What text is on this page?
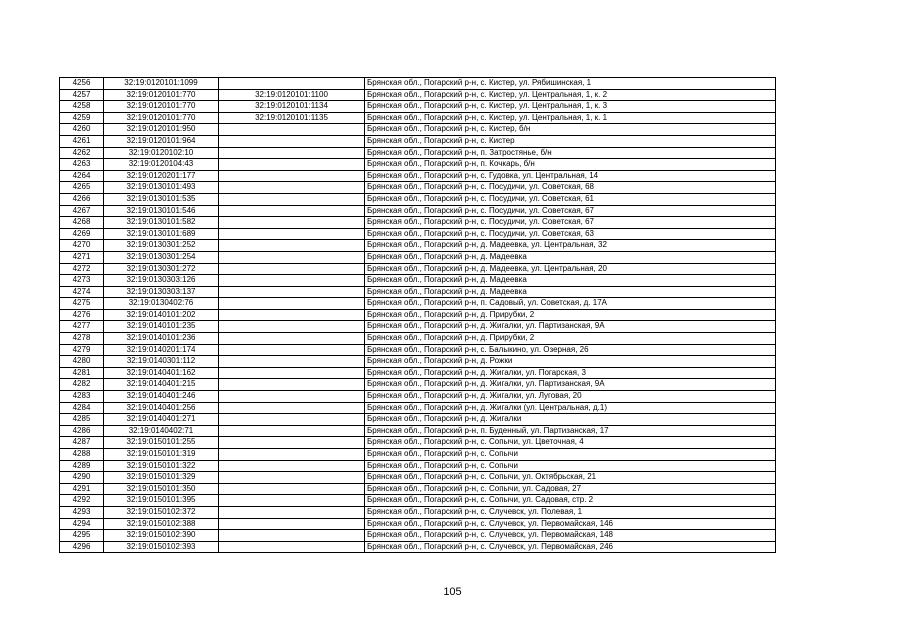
4256	32:19:0120101:1099		Брянская обл., Погарский р-н, с. Кистер, ул. Рябишинская, 1
4257	32:19:0120101:770	32:19:0120101:1100	Брянская обл., Погарский р-н, с. Кистер, ул. Центральная, 1, к. 2
4258	32:19:0120101:770	32:19:0120101:1134	Брянская обл., Погарский р-н, с. Кистер, ул. Центральная, 1, к. 3
4259	32:19:0120101:770	32:19:0120101:1135	Брянская обл., Погарский р-н, с. Кистер, ул. Центральная, 1, к. 1
4260	32:19:0120101:950		Брянская обл., Погарский р-н, с. Кистер, б/н
4261	32:19:0120101:964		Брянская обл., Погарский р-н, с. Кистер
4262	32:19:0120102:10		Брянская обл., Погарский р-н, п. Затростянье, б/н
4263	32:19:0120104:43		Брянская обл., Погарский р-н, п. Кочкарь, б/н
4264	32:19:0120201:177		Брянская обл., Погарский р-н, с. Гудовка, ул. Центральная, 14
4265	32:19:0130101:493		Брянская обл., Погарский р-н, с. Посудичи, ул. Советская, 68
4266	32:19:0130101:535		Брянская обл., Погарский р-н, с. Посудичи, ул. Советская, 61
4267	32:19:0130101:546		Брянская обл., Погарский р-н, с. Посудичи, ул. Советская, 67
4268	32:19:0130101:582		Брянская обл., Погарский р-н, с. Посудичи, ул. Советская, 67
4269	32:19:0130101:689		Брянская обл., Погарский р-н, с. Посудичи, ул. Советская, 63
4270	32:19:0130301:252		Брянская обл., Погарский р-н, д. Мадеевка, ул. Центральная, 32
4271	32:19:0130301:254		Брянская обл., Погарский р-н, д. Мадеевка
4272	32:19:0130301:272		Брянская обл., Погарский р-н, д. Мадеевка, ул. Центральная, 20
4273	32:19:0130303:126		Брянская обл., Погарский р-н, д. Мадеевка
4274	32:19:0130303:137		Брянская обл., Погарский р-н, д. Мадеевка
4275	32:19:0130402:76		Брянская обл., Погарский р-н, п. Садовый, ул. Советская, д. 17А
4276	32:19:0140101:202		Брянская обл., Погарский р-н, д. Прирубки, 2
4277	32:19:0140101:235		Брянская обл., Погарский р-н, д. Жигалки, ул. Партизанская, 9А
4278	32:19:0140101:236		Брянская обл., Погарский р-н, д. Прирубки, 2
4279	32:19:0140201:174		Брянская обл., Погарский р-н, с. Балыкино, ул. Озерная, 26
4280	32:19:0140301:112		Брянская обл., Погарский р-н, д. Рожки
4281	32:19:0140401:162		Брянская обл., Погарский р-н, д. Жигалки, ул. Погарская, 3
4282	32:19:0140401:215		Брянская обл., Погарский р-н, д. Жигалки, ул. Партизанская, 9А
4283	32:19:0140401:246		Брянская обл., Погарский р-н, д. Жигалки, ул. Луговая, 20
4284	32:19:0140401:256		Брянская обл., Погарский р-н, д. Жигалки (ул. Центральная, д.1)
4285	32:19:0140401:271		Брянская обл., Погарский р-н, д. Жигалки
4286	32:19:0140402:71		Брянская обл., Погарский р-н, п. Буденный, ул. Партизанская, 17
4287	32:19:0150101:255		Брянская обл., Погарский р-н, с. Сопычи, ул. Цветочная, 4
4288	32:19:0150101:319		Брянская обл., Погарский р-н, с. Сопычи
4289	32:19:0150101:322		Брянская обл., Погарский р-н, с. Сопычи
4290	32:19:0150101:329		Брянская обл., Погарский р-н, с. Сопычи, ул. Октябрьская, 21
4291	32:19:0150101:350		Брянская обл., Погарский р-н, с. Сопычи, ул. Садовая, 27
4292	32:19:0150101:395		Брянская обл., Погарский р-н, с. Сопычи, ул. Садовая, стр. 2
4293	32:19:0150102:372		Брянская обл., Погарский р-н, с. Случевск, ул. Полевая, 1
4294	32:19:0150102:388		Брянская обл., Погарский р-н, с. Случевск, ул. Первомайская, 146
4295	32:19:0150102:390		Брянская обл., Погарский р-н, с. Случевск, ул. Первомайская, 148
4296	32:19:0150102:393		Брянская обл., Погарский р-н, с. Случевск, ул. Первомайская, 246
105
